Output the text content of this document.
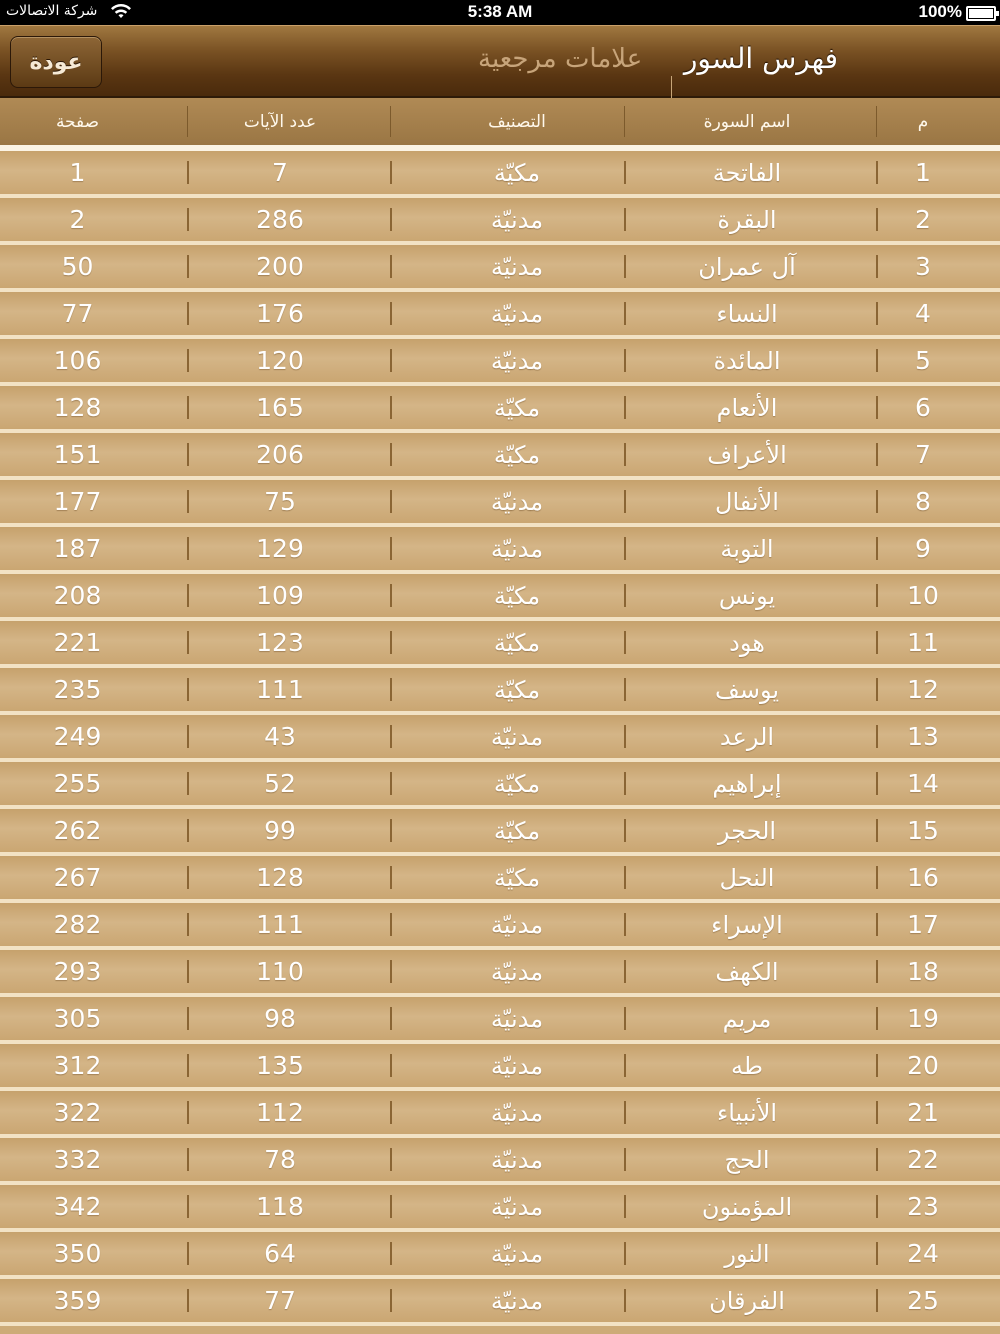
شركة الاتصالات	5:38 AM	100%
عودة	علامات مرجعية فهرس السور
صفحة	عدد الآيات	التصنيف	اسم السورة	م
1	7	مكيّة	الفاتحة	1
2	286	مدنيّة	البقرة	2
50	200	مدنيّة	آل عمران	3
77	176	مدنيّة	النساء	4
106	120	مدنيّة	المائدة	5
128	165	مكيّة	الأنعام	6
151	206	مكيّة	الأعراف	7
177	75	مدنيّة	الأنفال	8
187	129	مدنيّة	التوبة	9
208	109	مكيّة	يونس	10
221	123	مكيّة	هود	11
235	111	مكيّة	يوسف	12
249	43	مدنيّة	الرعد	13
255	52	مكيّة	إبراهيم	14
262	99	مكيّة	الحجر	15
267	128	مكيّة	النحل	16
282	111	مدنيّة	الإسراء	17
293	110	مدنيّة	الكهف	18
305	98	مدنيّة	مريم	19
312	135	مدنيّة	طه	20
322	112	مدنيّة	الأنبياء	21
332	78	مدنيّة	الحج	22
342	118	مدنيّة	المؤمنون	23
350	64	مدنيّة	النور	24
359	77	مدنيّة	الفرقان	25
